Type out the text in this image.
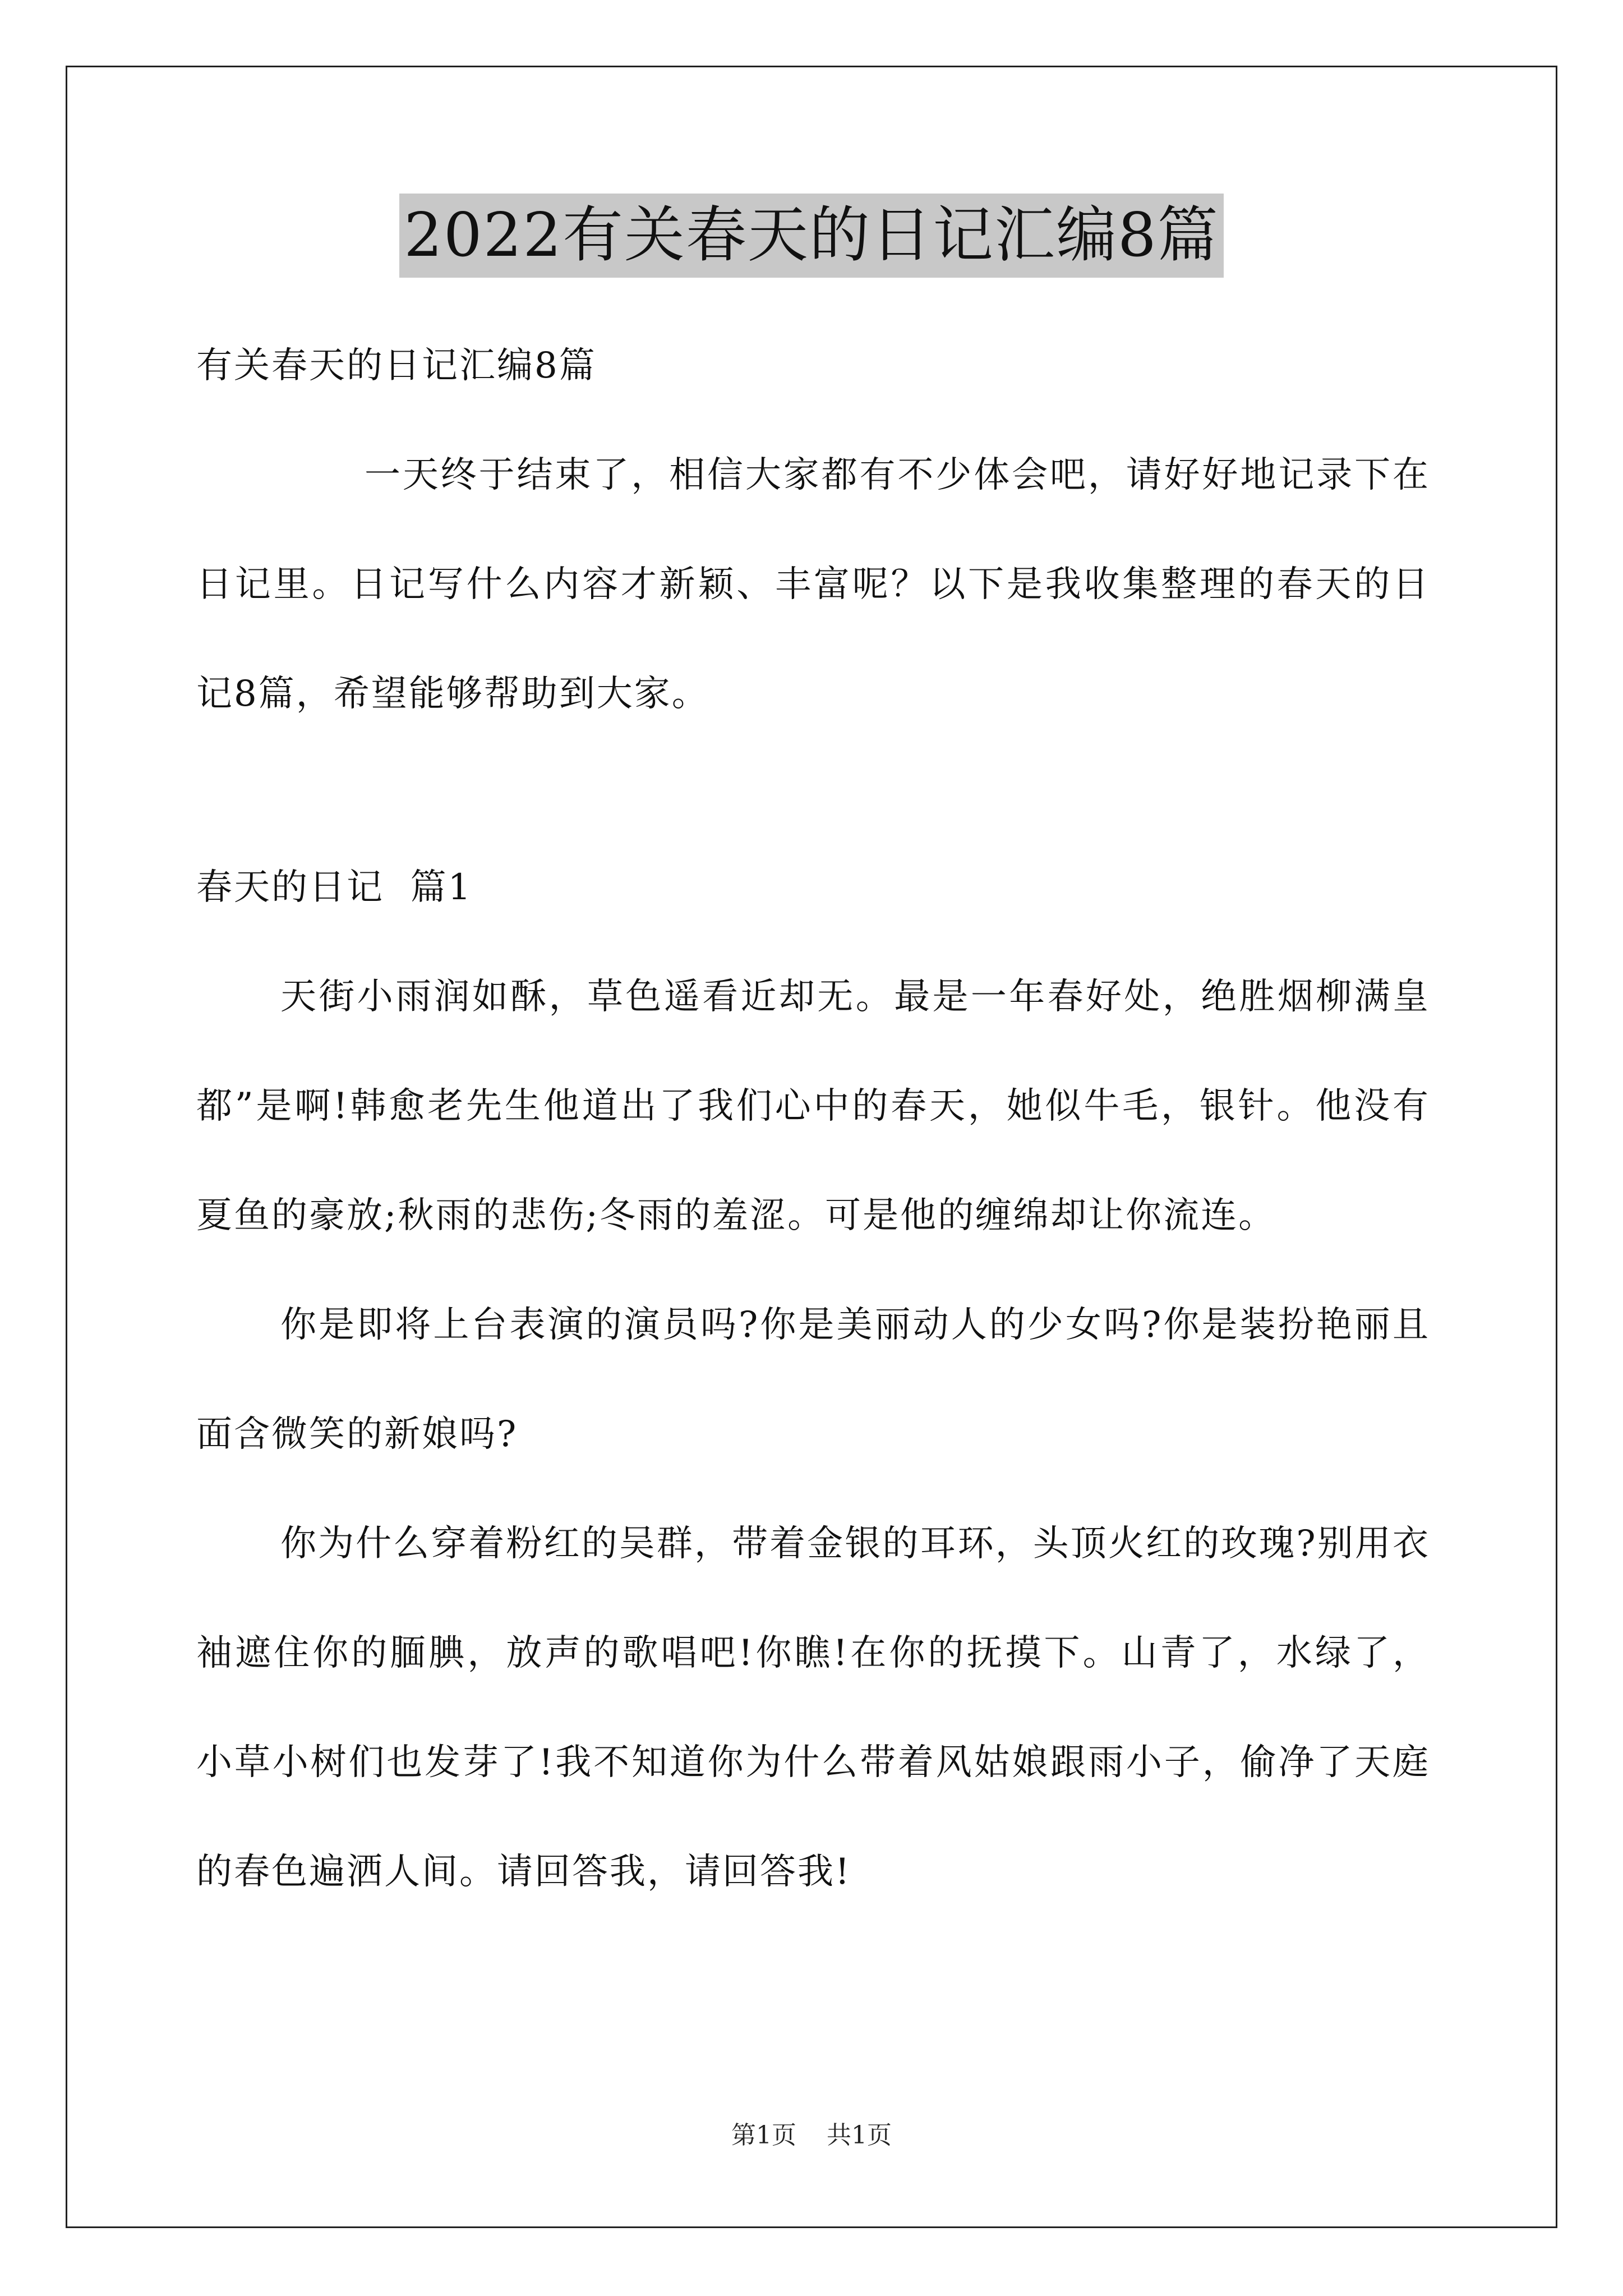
2022有关春天的日记汇编8篇
有关春天的日记汇编8篇
一天终于结束了，相信大家都有不少体会吧，请好好地记录下在日记里。日记写什么内容才新颖、丰富呢？以下是我收集整理的春天的日记8篇，希望能够帮助到大家。
春天的日记  篇1
天街小雨润如酥，草色遥看近却无。最是一年春好处，绝胜烟柳满皇都”是啊!韩愈老先生他道出了我们心中的春天，她似牛毛，银针。他没有夏鱼的豪放;秋雨的悲伤;冬雨的羞涩。可是他的缠绵却让你流连。
你是即将上台表演的演员吗?你是美丽动人的少女吗?你是装扮艳丽且面含微笑的新娘吗?
你为什么穿着粉红的吴群，带着金银的耳环，头顶火红的玫瑰?别用衣袖遮住你的腼腆，放声的歌唱吧!你瞧!在你的抚摸下。山青了，水绿了，小草小树们也发芽了!我不知道你为什么带着风姑娘跟雨小子，偷净了天庭的春色遍洒人间。请回答我，请回答我!
第1页 共1页
